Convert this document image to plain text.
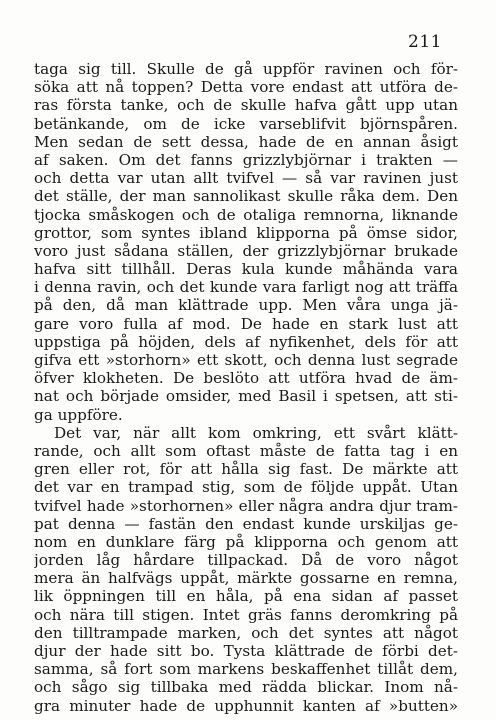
211
taga sig till. Skulle de gå uppför ravinen och för-
söka att nå toppen? Detta vore endast att utföra de-
ras första tanke, och de skulle hafva gått upp utan
betänkande, om de icke varseblifvit björnspåren.
Men sedan de sett dessa, hade de en annan åsigt
af saken. Om det fanns grizzlybjörnar i trakten —
och detta var utan allt tvifvel — så var ravinen just
det ställe, der man sannolikast skulle råka dem. Den
tjocka småskogen och de otaliga remnorna, liknande
grottor, som syntes ibland klipporna på ömse sidor,
voro just sådana ställen, der grizzlybjörnar brukade
hafva sitt tillhåll. Deras kula kunde måhända vara
i denna ravin, och det kunde vara farligt nog att träffa
på den, då man klättrade upp. Men våra unga jä-
gare voro fulla af mod. De hade en stark lust att
uppstiga på höjden, dels af nyfikenhet, dels för att
gifva ett »storhorn» ett skott, och denna lust segrade
öfver klokheten. De beslöto att utföra hvad de äm-
nat och började omsider, med Basil i spetsen, att sti-
ga uppföre.
Det var, när allt kom omkring, ett svårt klätt-
rande, och allt som oftast måste de fatta tag i en
gren eller rot, för att hålla sig fast. De märkte att
det var en trampad stig, som de följde uppåt. Utan
tvifvel hade »storhornen» eller några andra djur tram-
pat denna — fastän den endast kunde urskiljas ge-
nom en dunklare färg på klipporna och genom att
jorden låg hårdare tillpackad. Då de voro något
mera än halfvägs uppåt, märkte gossarne en remna,
lik öppningen till en håla, på ena sidan af passet
och nära till stigen. Intet gräs fanns deromkring på
den tilltrampade marken, och det syntes att något
djur der hade sitt bo. Tysta klättrade de förbi det-
samma, så fort som markens beskaffenhet tillåt dem,
och sågo sig tillbaka med rädda blickar. Inom nå-
gra minuter hade de upphunnit kanten af »butten»
